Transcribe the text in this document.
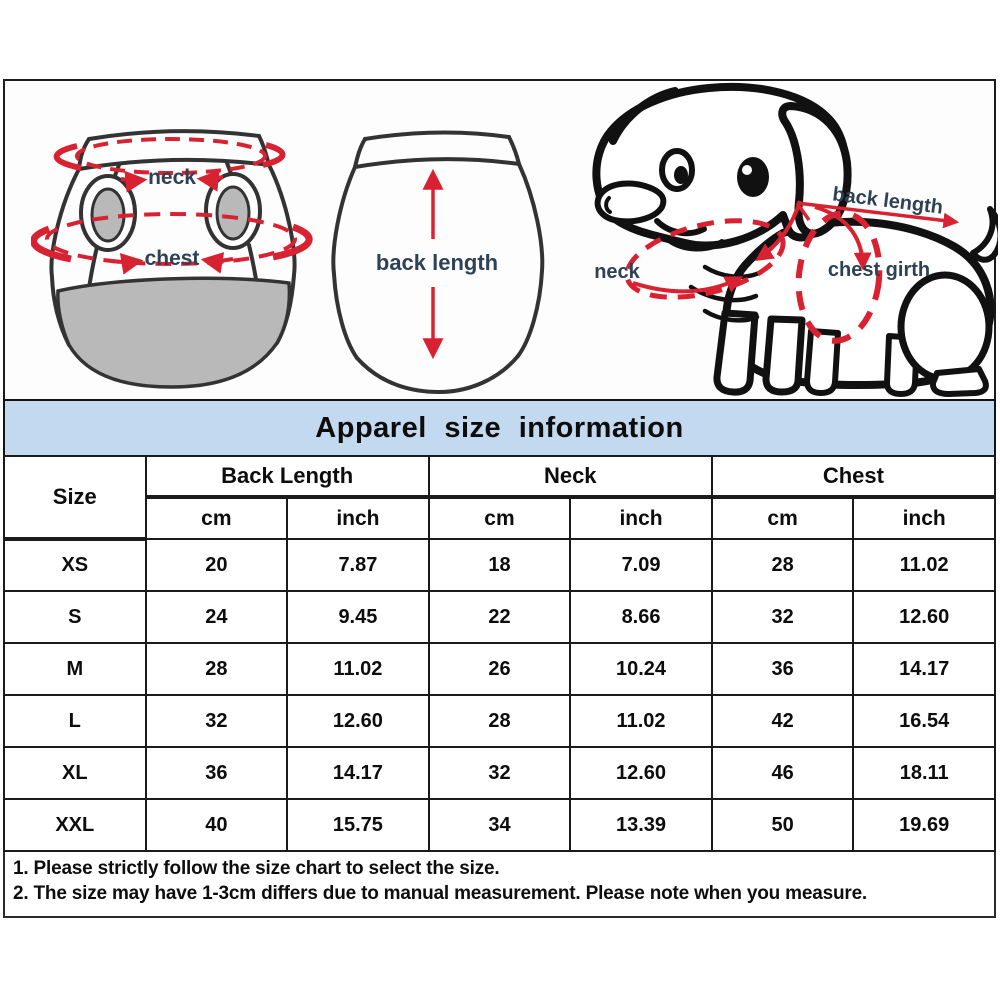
neck
chest	back length	neck
back length
chest girth
Apparel size information
Size	Back Length		Neck		Chest	
	cm	inch	cm	inch	cm	inch
XS	20	7.87	18	7.09	28	11.02
S	24	9.45	22	8.66	32	12.60
M	28	11.02	26	10.24	36	14.17
L	32	12.60	28	11.02	42	16.54
XL	36	14.17	32	12.60	46	18.11
XXL	40	15.75	34	13.39	50	19.69

1. Please strictly follow the size chart to select the size.

2. The size may have 1-3cm differs due to manual measurement. Please note when you measure.
